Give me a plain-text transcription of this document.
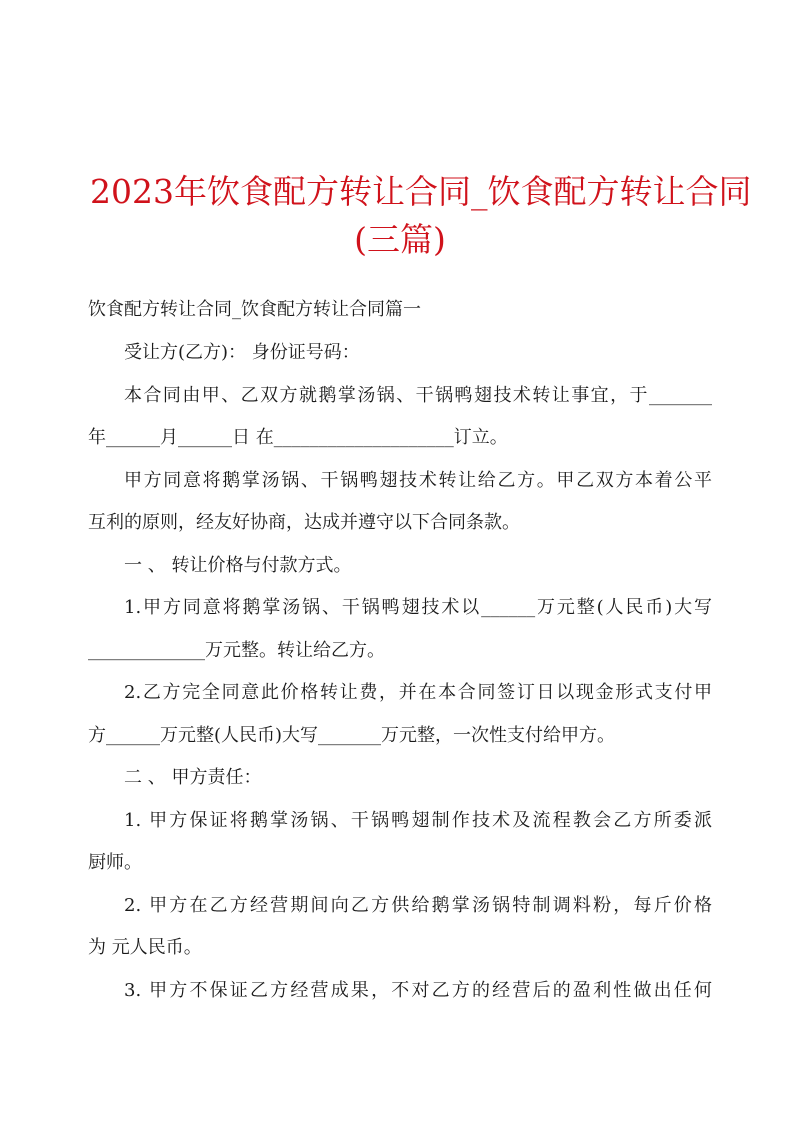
2023年饮食配方转让合同_饮食配方转让合同
(三篇)

饮食配方转让合同_饮食配方转让合同篇一

受让方(乙方)： 身份证号码：

本合同由甲、乙双方就鹅掌汤锅、干锅鸭翅技术转让事宜，于_______

年______月______日 在____________________订立。

甲方同意将鹅掌汤锅、干锅鸭翅技术转让给乙方。甲乙双方本着公平

互利的原则，经友好协商，达成并遵守以下合同条款。

一 、 转让价格与付款方式。

1.甲方同意将鹅掌汤锅、干锅鸭翅技术以______万元整(人民币)大写

_____________万元整。转让给乙方。

2.乙方完全同意此价格转让费，并在本合同签订日以现金形式支付甲

方______万元整(人民币)大写_______万元整，一次性支付给甲方。

二 、 甲方责任：

1. 甲方保证将鹅掌汤锅、干锅鸭翅制作技术及流程教会乙方所委派

厨师。

2. 甲方在乙方经营期间向乙方供给鹅掌汤锅特制调料粉，每斤价格

为 元人民币。

3. 甲方不保证乙方经营成果，不对乙方的经营后的盈利性做出任何
